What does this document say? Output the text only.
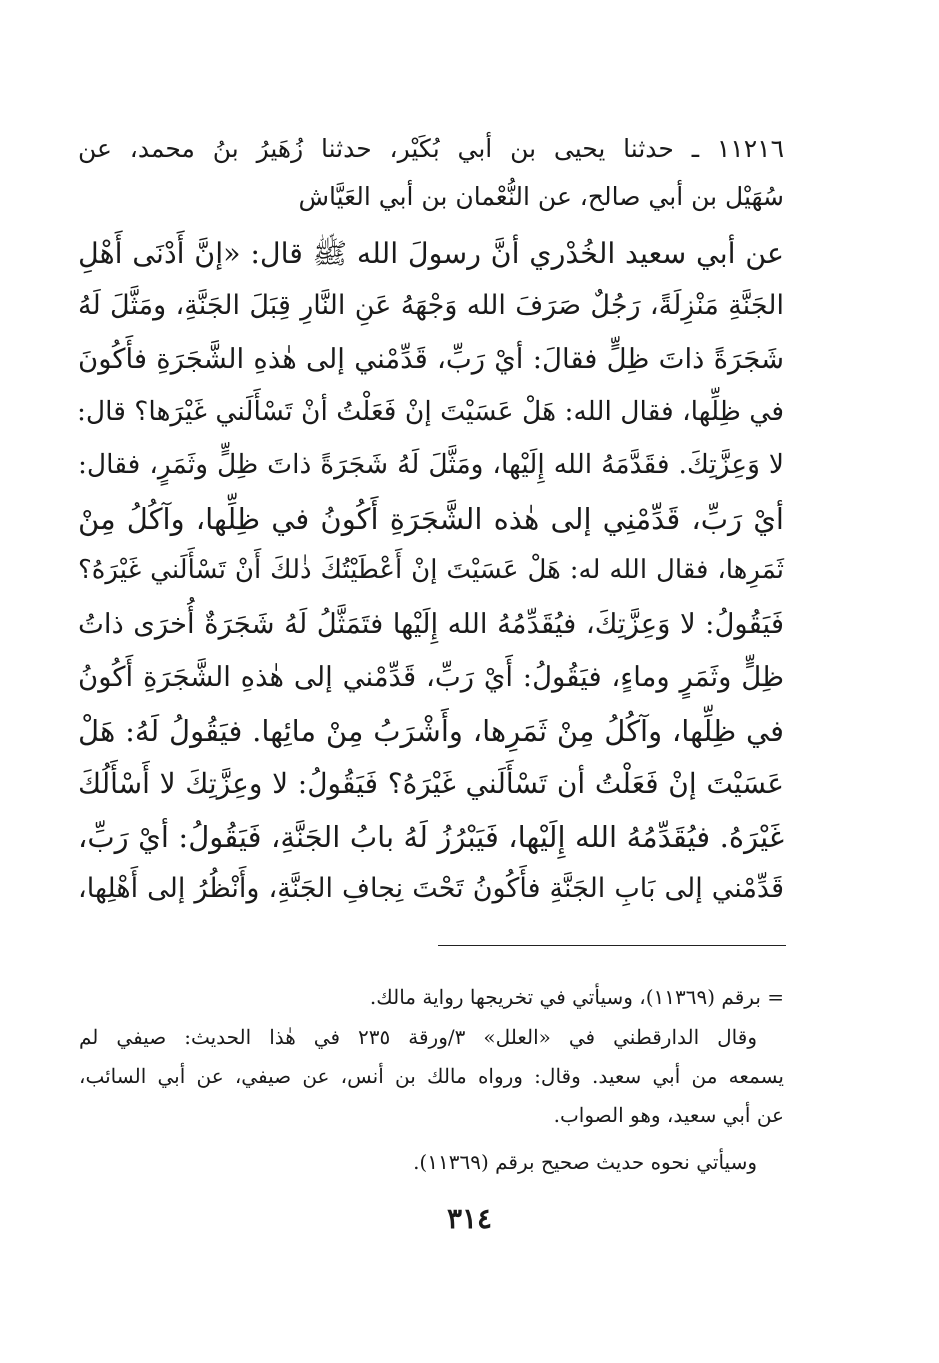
١١٢١٦ ـ حدثنا يحيى بن أبي بُكَيْر، حدثنا زُهَيرُ بنُ محمد، عن

سُهَيْل بن أبي صالح، عن النُّعْمان بن أبي العَيَّاش

عن أبي سعيد الخُدْري أنَّ رسولَ الله ﷺ قال: «إنَّ أَدْنَى أَهْلِ

الجَنَّةِ مَنْزِلَةً، رَجُلٌ صَرَفَ الله وَجْهَهُ عَنِ النَّارِ قِبَلَ الجَنَّةِ، ومَثَّلَ لَهُ

شَجَرَةً ذاتَ ظِلٍّ فقالَ: أيْ رَبِّ، قَدِّمْني إلى هٰذهِ الشَّجَرَةِ فأَكُونَ

في ظِلِّها، فقال الله: هَلْ عَسَيْتَ إنْ فَعَلْتُ أنْ تَسْأَلَني غَيْرَها؟ قال:

لا وَعِزَّتِكَ. فقَدَّمَهُ الله إِلَيْها، ومَثَّلَ لَهُ شَجَرَةً ذاتَ ظِلٍّ وثَمَرٍ، فقال:

أيْ رَبِّ، قَدِّمْنِي إلى هٰذه الشَّجَرَةِ أَكُونُ في ظِلِّها، وآكُلُ مِنْ

ثَمَرِها، فقال الله له: هَلْ عَسَيْتَ إنْ أَعْطَيْتُكَ ذٰلكَ أَنْ تَسْأَلَني غَيْرَهُ؟

فَيَقُولُ: لا وَعِزَّتِكَ، فيُقَدِّمُهُ الله إِلَيْها فتَمَثَّلُ لَهُ شَجَرَةٌ أُخرَى ذاتُ

ظِلٍّ وثَمَرٍ وماءٍ، فيَقُولُ: أَيْ رَبِّ، قَدِّمْني إلى هٰذهِ الشَّجَرَةِ أَكُونُ

في ظِلِّها، وآكُلُ مِنْ ثَمَرِها، وأَشْرَبُ مِنْ مائِها. فيَقُولُ لَهُ: هَلْ

عَسَيْتَ إنْ فَعَلْتُ أن تَسْأَلَني غَيْرَهُ؟ فَيَقُولُ: لا وعِزَّتِكَ لا أَسْأَلُكَ

غَيْرَهُ. فيُقَدِّمُهُ الله إِلَيْها، فَيَبْرُزُ لَهُ بابُ الجَنَّةِ، فَيَقُولُ: أيْ رَبِّ،

قَدِّمْني إلى بَابِ الجَنَّةِ فأَكُونُ تَحْتَ نِجافِ الجَنَّةِ، وأَنْظُرُ إلى أَهْلِها،

= برقم (١١٣٦٩)، وسيأتي في تخريجها رواية مالك.

وقال الدارقطني في «العلل» ٣/ورقة ٢٣٥ في هٰذا الحديث: صيفي لم

يسمعه من أبي سعيد. وقال: ورواه مالك بن أنس، عن صيفي، عن أبي السائب،

عن أبي سعيد، وهو الصواب.

وسيأتي نحوه حديث صحيح برقم (١١٣٦٩).

٣١٤
